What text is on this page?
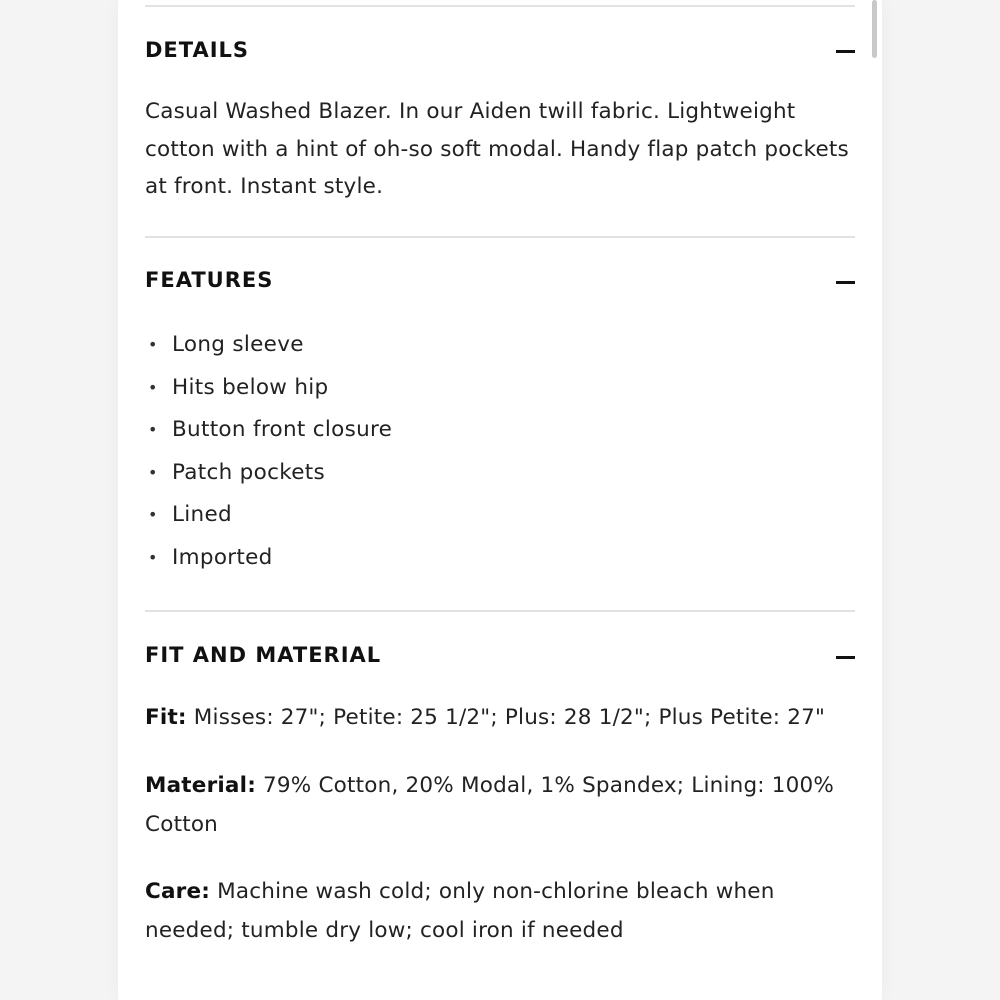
DETAILS
Casual Washed Blazer. In our Aiden twill fabric. Lightweight cotton with a hint of oh-so soft modal. Handy flap patch pockets at front. Instant style.
FEATURES
• Long sleeve
• Hits below hip
• Button front closure
• Patch pockets
• Lined
• Imported
FIT AND MATERIAL
Fit: Misses: 27"; Petite: 25 1/2"; Plus: 28 1/2"; Plus Petite: 27"
Material: 79% Cotton, 20% Modal, 1% Spandex; Lining: 100% Cotton
Care: Machine wash cold; only non-chlorine bleach when needed; tumble dry low; cool iron if needed
